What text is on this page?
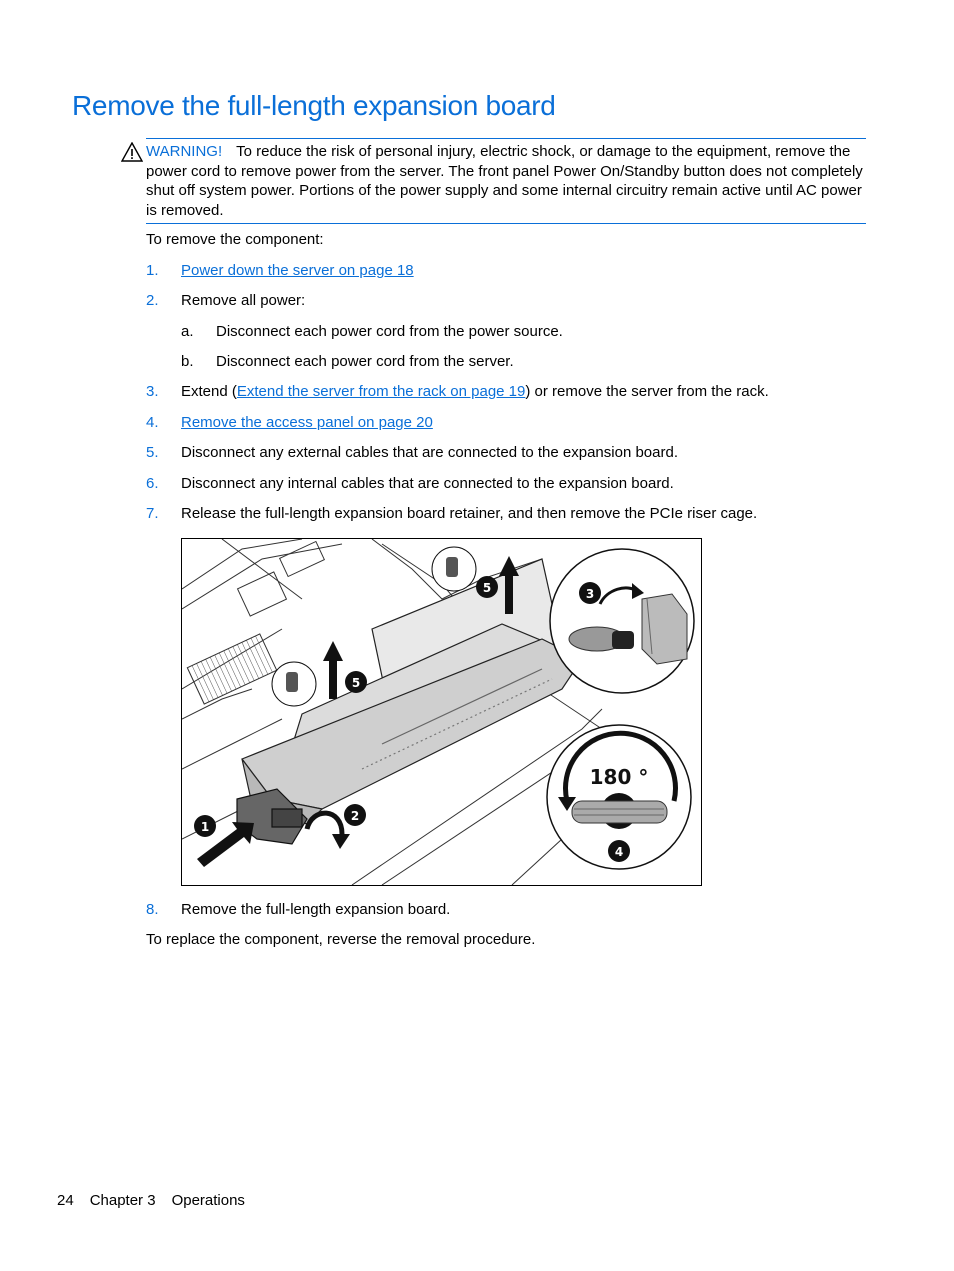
Remove the full-length expansion board
WARNING! To reduce the risk of personal injury, electric shock, or damage to the equipment, remove the power cord to remove power from the server. The front panel Power On/Standby button does not completely shut off system power. Portions of the power supply and some internal circuitry remain active until AC power is removed.

To remove the component:

1. Power down the server on page 18
2. Remove all power:
a. Disconnect each power cord from the power source.
b. Disconnect each power cord from the server.
3. Extend (Extend the server from the rack on page 19) or remove the server from the rack.
4. Remove the access panel on page 20
5. Disconnect any external cables that are connected to the expansion board.
6. Disconnect any internal cables that are connected to the expansion board.
7. Release the full-length expansion board retainer, and then remove the PCIe riser cage.
1
2
3
4
5
5
180 °
8. Remove the full-length expansion board.

To replace the component, reverse the removal procedure.

24 Chapter 3 Operations
